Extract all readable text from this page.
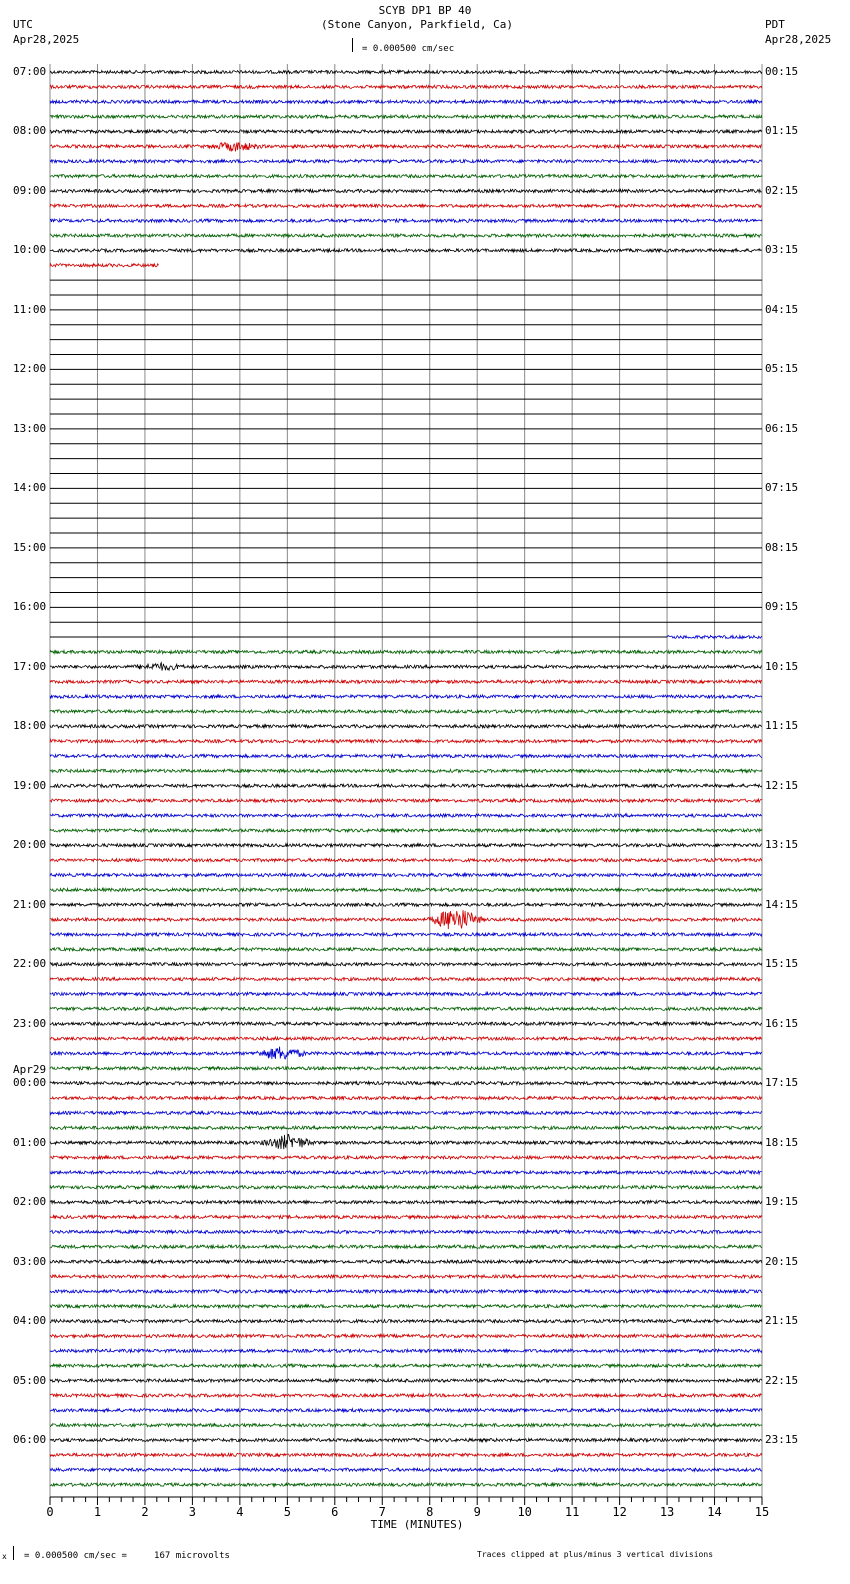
SCYB DP1 BP 40
(Stone Canyon, Parkfield, Ca)
UTC
Apr28,2025
PDT
Apr28,2025
= 0.000500 cm/sec
0	1	2	3	4	5	6	7	8	9	10	11	12	13	14	15
07:00
08:00
09:00
10:00
11:00
12:00
13:00
14:00
15:00
16:00
17:00
18:00
19:00
20:00
21:00
22:00
23:00
00:00
01:00
02:00
03:00
04:00
05:00
06:00
00:15
01:15
02:15
03:15
04:15
05:15
06:15
07:15
08:15
09:15
10:15
11:15
12:15
13:15
14:15
15:15
16:15
17:15
18:15
19:15
20:15
21:15
22:15
23:15
Apr29
TIME (MINUTES)
x = 0.000500 cm/sec =     167 microvolts	Traces clipped at plus/minus 3 vertical divisions
